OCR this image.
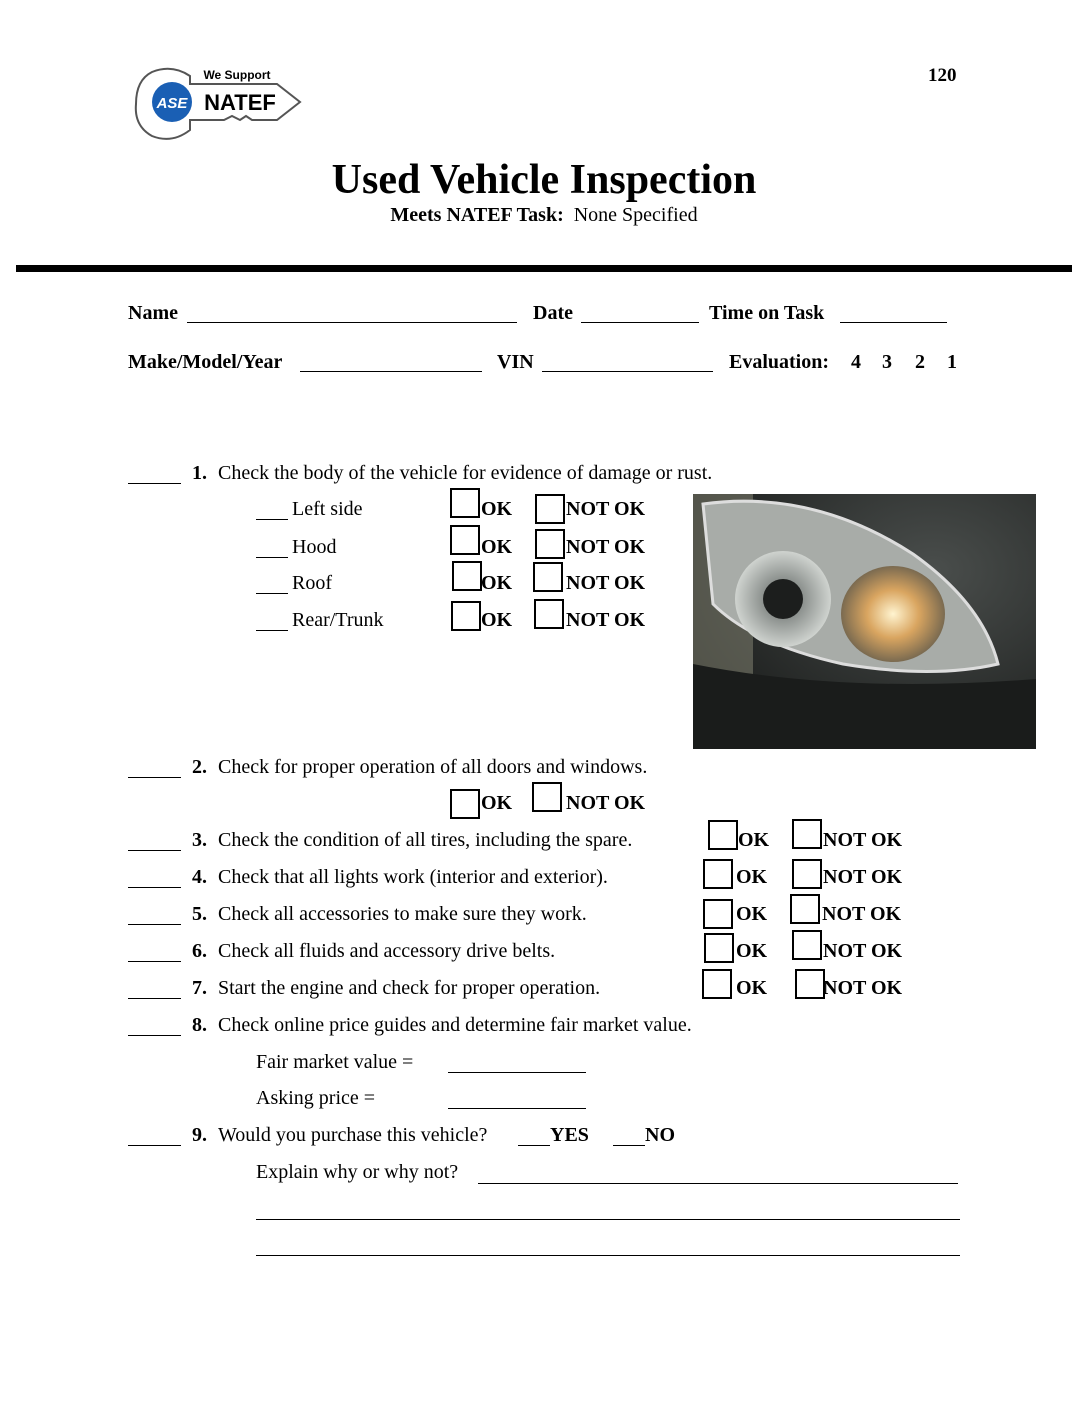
120
ASE
We Support
NATEF
Used Vehicle Inspection
Meets NATEF Task: None Specified
Name	Date	Time on Task
Make/Model/Year	VIN	Evaluation: 4 3 2 1
1. Check the body of the vehicle for evidence of damage or rust.
Left side	OK	NOT OK
Hood	OK	NOT OK
Roof	OK	NOT OK
Rear/Trunk	OK	NOT OK
2. Check for proper operation of all doors and windows.
OK	NOT OK
3. Check the condition of all tires, including the spare.	OK	NOT OK
4. Check that all lights work (interior and exterior).	OK	NOT OK
5. Check all accessories to make sure they work.	OK	NOT OK
6. Check all fluids and accessory drive belts.	OK	NOT OK
7. Start the engine and check for proper operation.	OK	NOT OK
8. Check online price guides and determine fair market value.
Fair market value =
Asking price =
9. Would you purchase this vehicle?	YES	NO
Explain why or why not?
